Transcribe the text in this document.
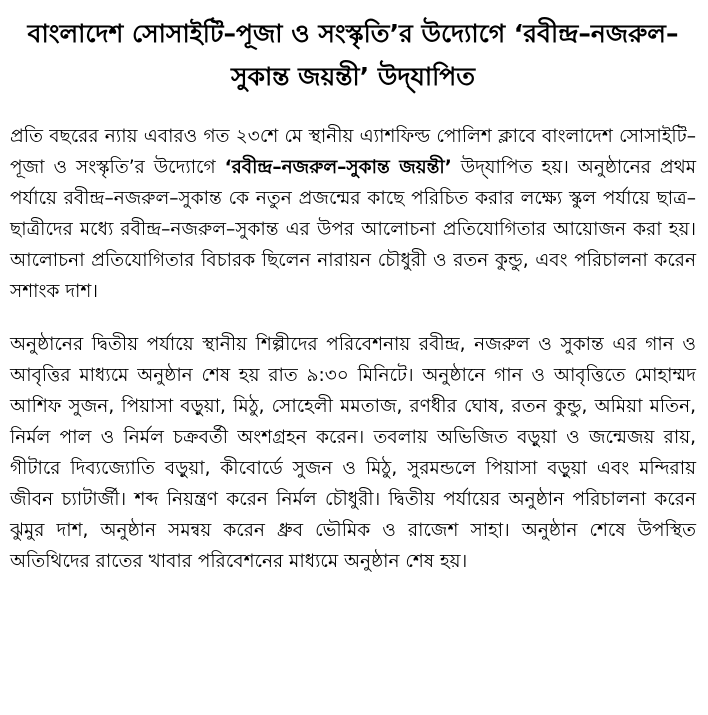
বাংলাদেশ সোসাইটি–পূজা ও সংস্কৃতি’র উদ্যোগে ‘রবীন্দ্র–নজরুল–সুকান্ত জয়ন্তী’ উদ্‌যাপিত

প্রতি বছরের ন্যায় এবারও গত ২৩শে মে স্থানীয় এ্যাশফিল্ড পোলিশ ক্লাবে বাংলাদেশ সোসাইটি–পূজা ও সংস্কৃতি’র উদ্যোগে ‘রবীন্দ্র–নজরুল–সুকান্ত জয়ন্তী’ উদ্‌যাপিত হয়। অনুষ্ঠানের প্রথম পর্যায়ে রবীন্দ্র–নজরুল–সুকান্ত কে নতুন প্রজন্মের কাছে পরিচিত করার লক্ষ্যে স্কুল পর্যায়ে ছাত্র–ছাত্রীদের মধ্যে রবীন্দ্র–নজরুল–সুকান্ত এর উপর আলোচনা প্রতিযোগিতার আয়োজন করা হয়। আলোচনা প্রতিযোগিতার বিচারক ছিলেন নারায়ন চৌধুরী ও রতন কুন্ডু, এবং পরিচালনা করেন সশাংক দাশ।

অনুষ্ঠানের দ্বিতীয় পর্যায়ে স্থানীয় শিল্পীদের পরিবেশনায় রবীন্দ্র, নজরুল ও সুকান্ত এর গান ও আবৃত্তির মাধ্যমে অনুষ্ঠান শেষ হয় রাত ৯:৩০ মিনিটে। অনুষ্ঠানে গান ও আবৃত্তিতে মোহাম্মদ আশিফ সুজন, পিয়াসা বড়ুয়া, মিঠু, সোহেলী মমতাজ, রণধীর ঘোষ, রতন কুন্ডু, অমিয়া মতিন, নির্মল পাল ও নির্মল চক্রবর্তী অংশগ্রহন করেন। তবলায় অভিজিত বড়ুয়া ও জন্মেজয় রায়, গীটারে দিব্যজ্যোতি বড়ুয়া, কীবোর্ডে সুজন ও মিঠু, সুরমন্ডলে পিয়াসা বড়ুয়া এবং মন্দিরায় জীবন চ্যাটার্জী। শব্দ নিয়ন্ত্রণ করেন নির্মল চৌধুরী। দ্বিতীয় পর্যায়ের অনুষ্ঠান পরিচালনা করেন ঝুমুর দাশ, অনুষ্ঠান সমন্বয় করেন ধ্রুব ভৌমিক ও রাজেশ সাহা। অনুষ্ঠান শেষে উপস্থিত অতিথিদের রাতের খাবার পরিবেশনের মাধ্যমে অনুষ্ঠান শেষ হয়।
